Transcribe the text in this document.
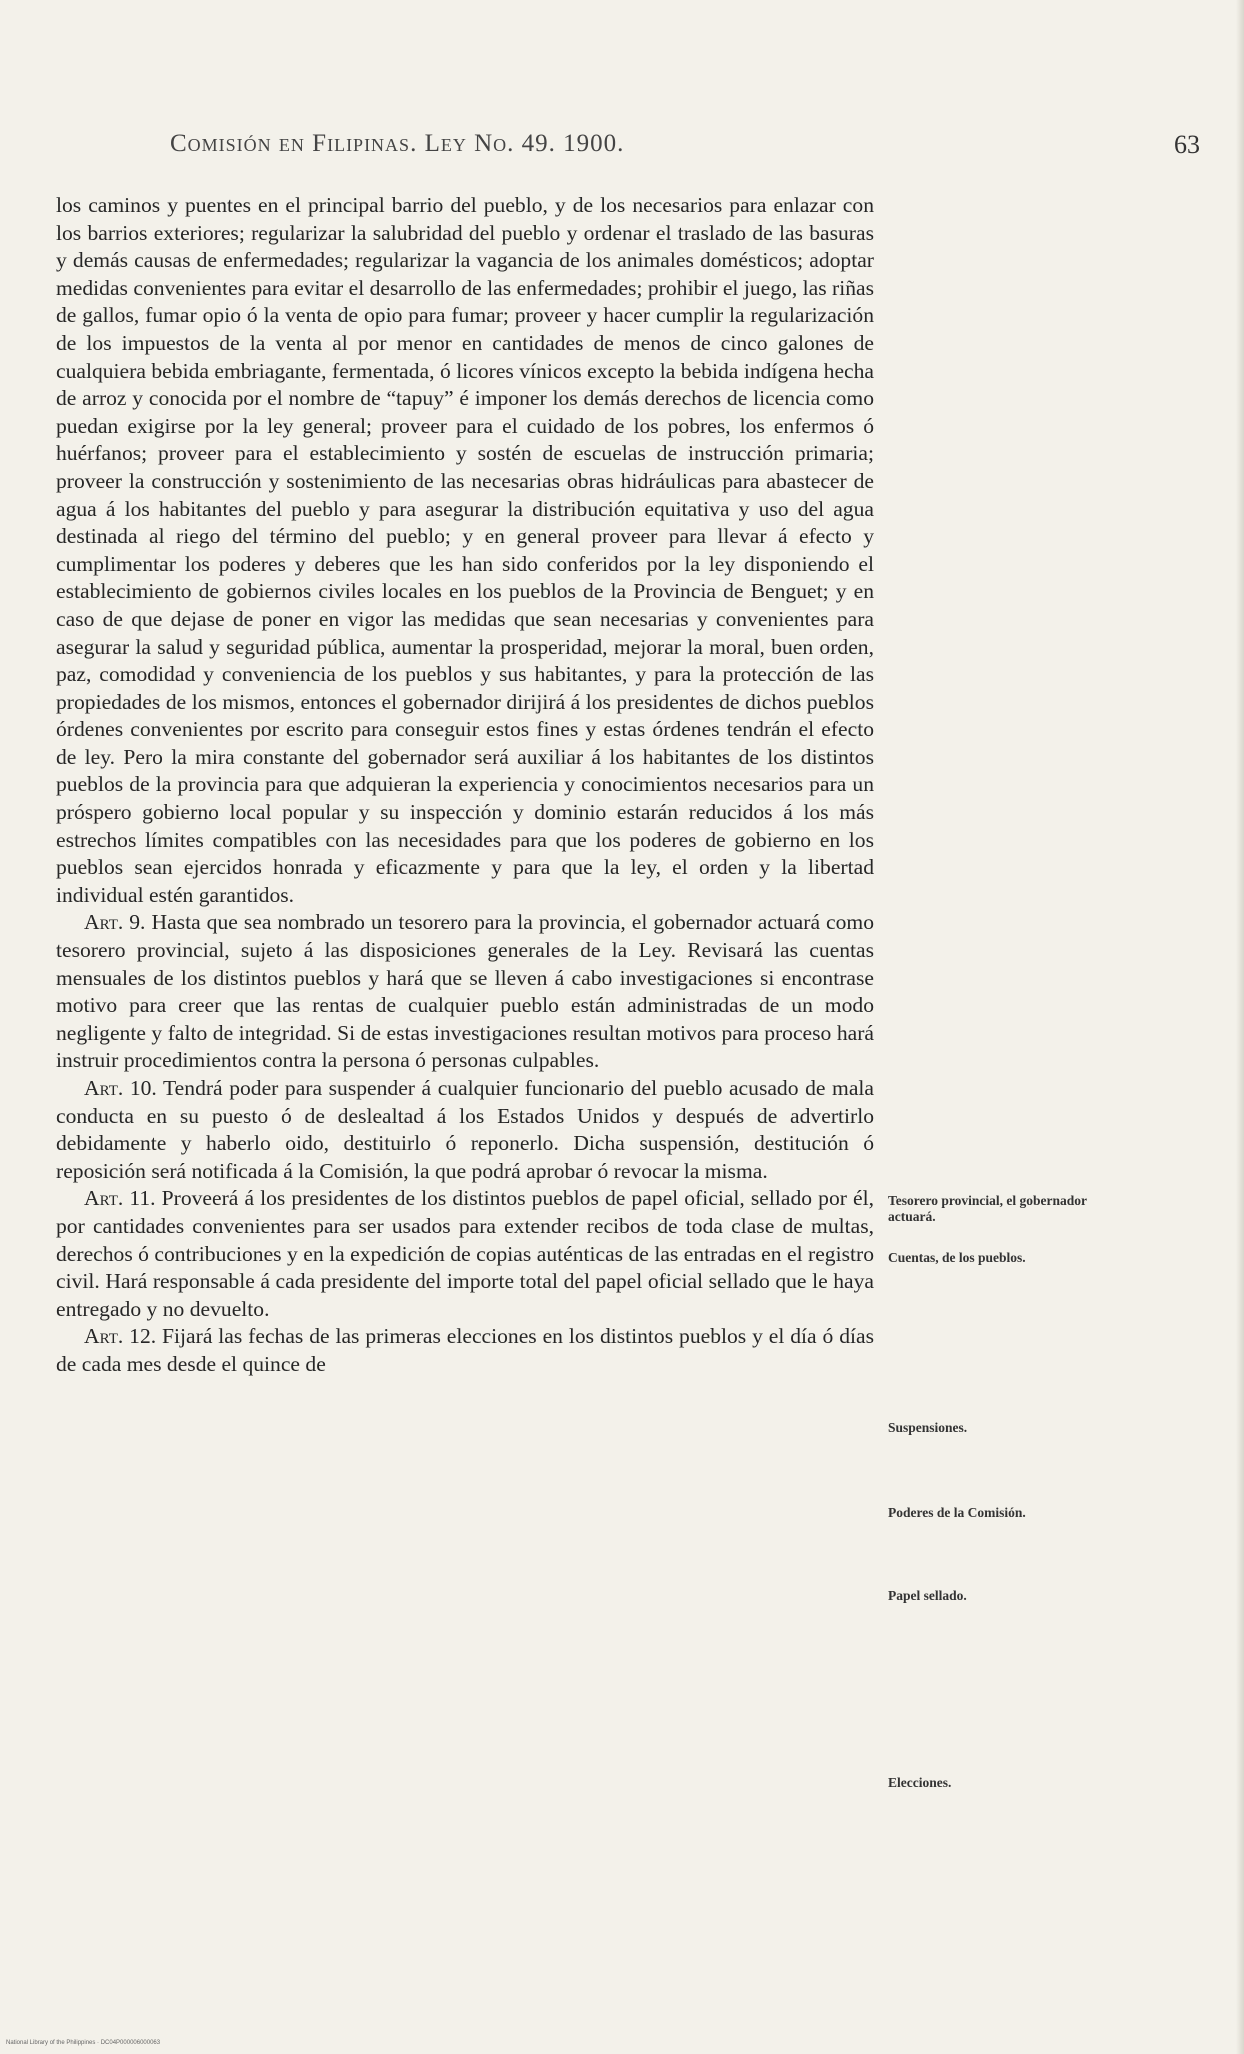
Comisión en Filipinas. Ley No. 49. 1900.	63

los caminos y puentes en el principal barrio del pueblo, y de los necesarios para enlazar con los barrios exteriores; regularizar la salubridad del pueblo y ordenar el traslado de las basuras y demás causas de enfermedades; regularizar la vagancia de los animales domésticos; adoptar medidas convenientes para evitar el desarrollo de las enfermedades; prohibir el juego, las riñas de gallos, fumar opio ó la venta de opio para fumar; proveer y hacer cumplir la regularización de los impuestos de la venta al por menor en cantidades de menos de cinco galones de cualquiera bebida embriagante, fermentada, ó licores vínicos excepto la bebida indígena hecha de arroz y conocida por el nombre de “tapuy” é imponer los demás derechos de licencia como puedan exigirse por la ley general; proveer para el cuidado de los pobres, los enfermos ó huérfanos; proveer para el establecimiento y sostén de escuelas de instrucción primaria; proveer la construcción y sostenimiento de las necesarias obras hidráulicas para abastecer de agua á los habitantes del pueblo y para asegurar la distribución equitativa y uso del agua destinada al riego del término del pueblo; y en general proveer para llevar á efecto y cumplimentar los poderes y deberes que les han sido conferidos por la ley disponiendo el establecimiento de gobiernos civiles locales en los pueblos de la Provincia de Benguet; y en caso de que dejase de poner en vigor las medidas que sean necesarias y convenientes para asegurar la salud y seguridad pública, aumentar la prosperidad, mejorar la moral, buen orden, paz, comodidad y conveniencia de los pueblos y sus habitantes, y para la protección de las propiedades de los mismos, entonces el gobernador dirijirá á los presidentes de dichos pueblos órdenes convenientes por escrito para conseguir estos fines y estas órdenes tendrán el efecto de ley. Pero la mira constante del gobernador será auxiliar á los habitantes de los distintos pueblos de la provincia para que adquieran la experiencia y conocimientos necesarios para un próspero gobierno local popular y su inspección y dominio estarán reducidos á los más estrechos límites compatibles con las necesidades para que los poderes de gobierno en los pueblos sean ejercidos honrada y eficazmente y para que la ley, el orden y la libertad individual estén garantidos.

Art. 9. Hasta que sea nombrado un tesorero para la provincia, el gobernador actuará como tesorero provincial, sujeto á las disposiciones generales de la Ley. Revisará las cuentas mensuales de los distintos pueblos y hará que se lleven á cabo investigaciones si encontrase motivo para creer que las rentas de cualquier pueblo están administradas de un modo negligente y falto de integridad. Si de estas investigaciones resultan motivos para proceso hará instruir procedimientos contra la persona ó personas culpables.

Art. 10. Tendrá poder para suspender á cualquier funcionario del pueblo acusado de mala conducta en su puesto ó de deslealtad á los Estados Unidos y después de advertirlo debidamente y haberlo oido, destituirlo ó reponerlo. Dicha suspensión, destitución ó reposición será notificada á la Comisión, la que podrá aprobar ó revocar la misma.

Art. 11. Proveerá á los presidentes de los distintos pueblos de papel oficial, sellado por él, por cantidades convenientes para ser usados para extender recibos de toda clase de multas, derechos ó contribuciones y en la expedición de copias auténticas de las entradas en el registro civil. Hará responsable á cada presidente del importe total del papel oficial sellado que le haya entregado y no devuelto.

Art. 12. Fijará las fechas de las primeras elecciones en los distintos pueblos y el día ó días de cada mes desde el quince de

Tesorero provincial, el gobernador actuará.
Cuentas, de los pueblos.
Suspensiones.
Poderes de la Comisión.
Papel sellado.
Elecciones.
National Library of the Philippines · DC04P000006000063
